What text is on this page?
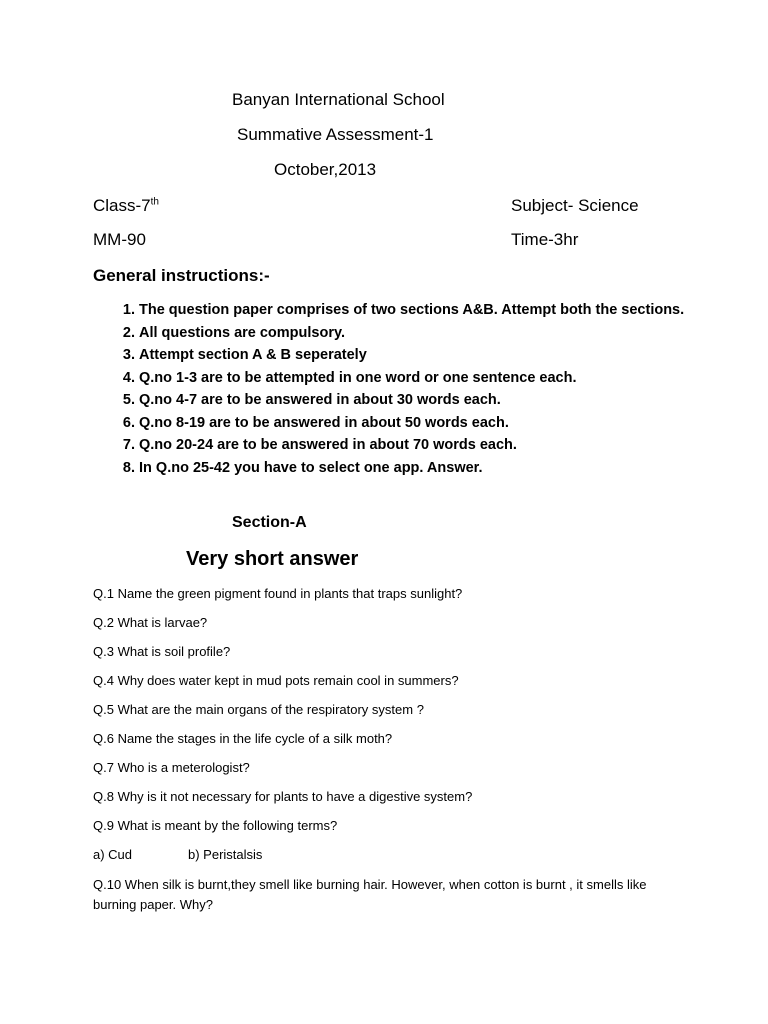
Banyan International School
Summative Assessment-1
October,2013
Class-7th	Subject- Science
MM-90	Time-3hr
General instructions:-
1. The question paper comprises of two sections A&B. Attempt both the sections.
2. All questions are compulsory.
3. Attempt section A & B seperately
4. Q.no 1-3 are to be attempted in one word or one sentence each.
5. Q.no 4-7 are to be answered in about 30 words each.
6. Q.no 8-19 are to be answered in about 50 words each.
7. Q.no 20-24 are to be answered in about 70 words each.
8. In Q.no 25-42 you have to select one app. Answer.
Section-A
Very short answer
Q.1 Name the green pigment found in plants that traps sunlight?
Q.2 What is larvae?
Q.3 What is soil profile?
Q.4 Why does water kept in mud pots remain cool in summers?
Q.5 What are the main organs of the respiratory system ?
Q.6 Name the stages in the life cycle of a silk moth?
Q.7 Who is a meterologist?
Q.8 Why is it not necessary for plants to have a digestive system?
Q.9 What is meant by the following terms?
a) Cud	b) Peristalsis
Q.10 When silk is burnt,they smell like burning hair. However, when cotton is burnt , it smells like burning paper. Why?
